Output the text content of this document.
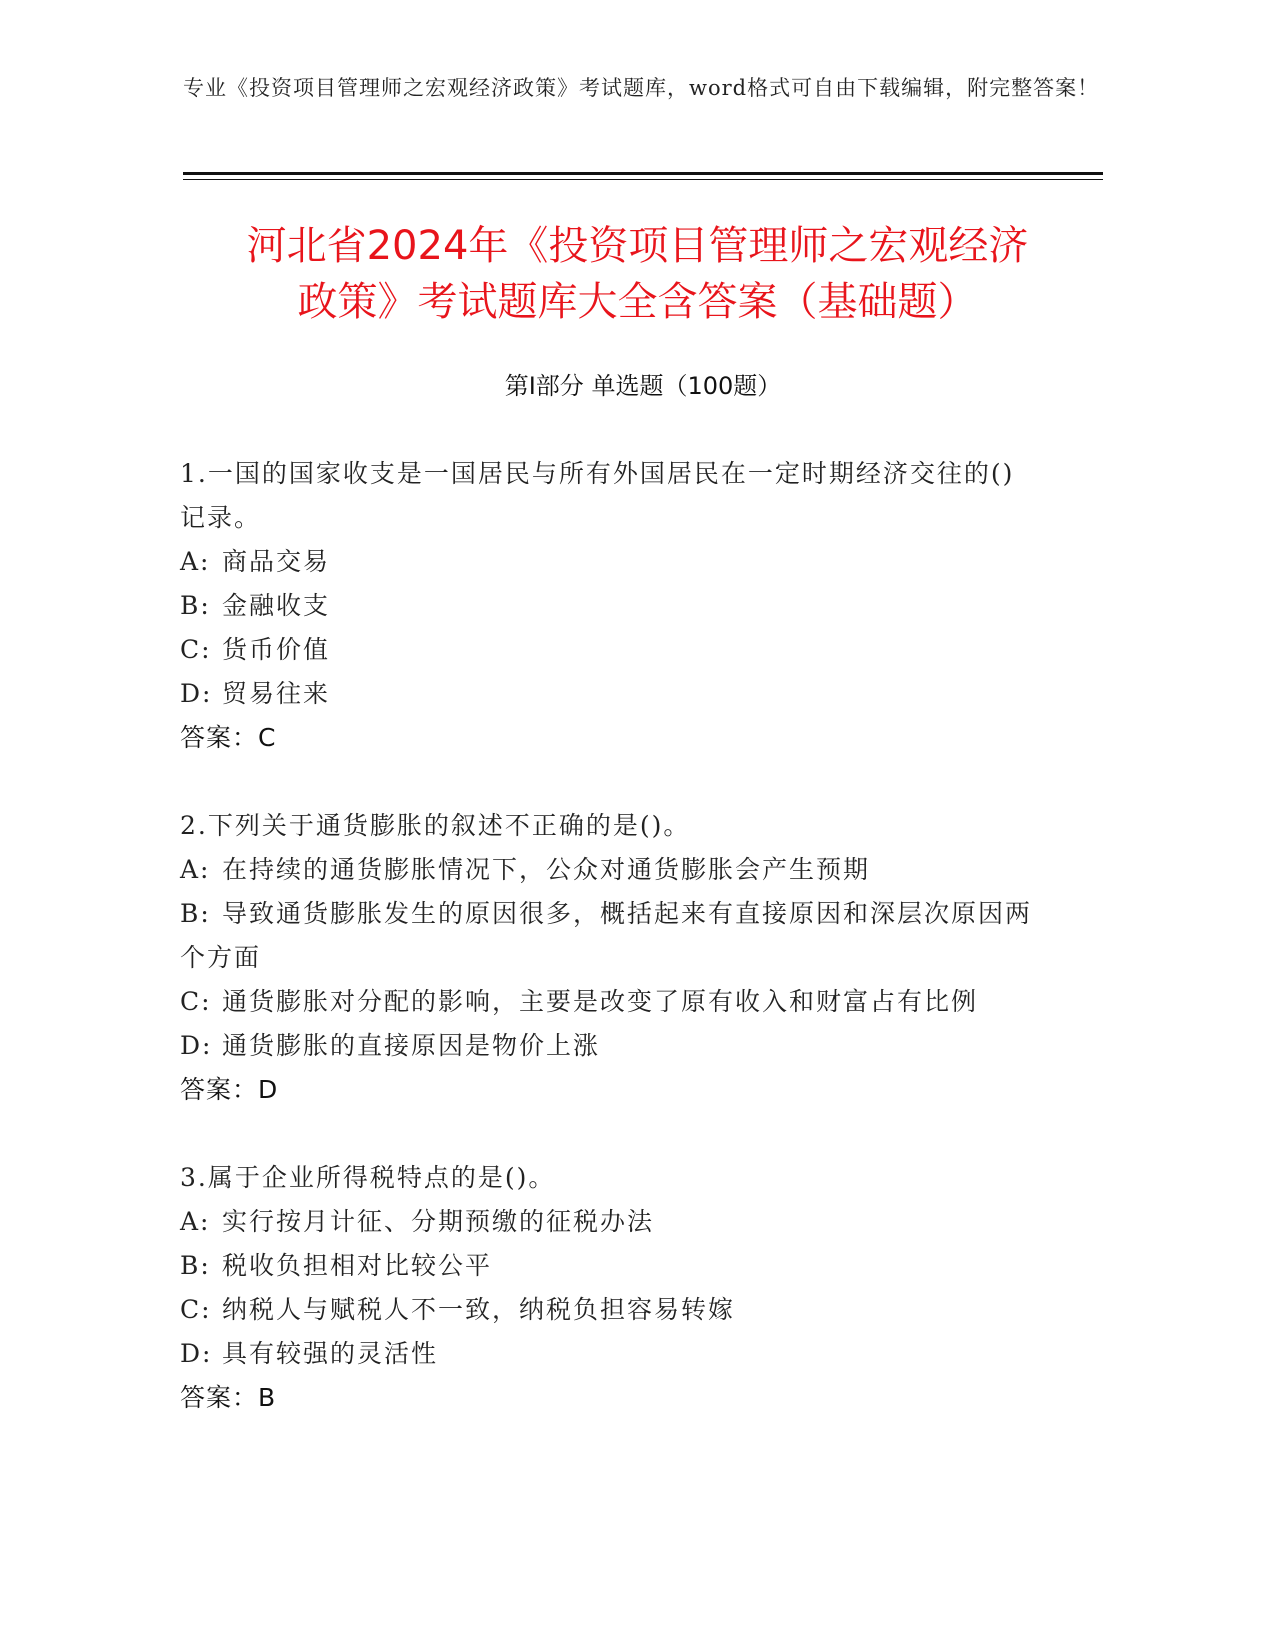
专业《投资项目管理师之宏观经济政策》考试题库，word格式可自由下载编辑，附完整答案！
河北省2024年《投资项目管理师之宏观经济
政策》考试题库大全含答案（基础题）
第Ⅰ部分 单选题（100题）
1.一国的国家收支是一国居民与所有外国居民在一定时期经济交往的()记录。
A: 商品交易
B: 金融收支
C: 货币价值
D: 贸易往来
答案：C
2.下列关于通货膨胀的叙述不正确的是()。
A: 在持续的通货膨胀情况下，公众对通货膨胀会产生预期
B: 导致通货膨胀发生的原因很多，概括起来有直接原因和深层次原因两个方面
C: 通货膨胀对分配的影响，主要是改变了原有收入和财富占有比例
D: 通货膨胀的直接原因是物价上涨
答案：D
3.属于企业所得税特点的是()。
A: 实行按月计征、分期预缴的征税办法
B: 税收负担相对比较公平
C: 纳税人与赋税人不一致，纳税负担容易转嫁
D: 具有较强的灵活性
答案：B
